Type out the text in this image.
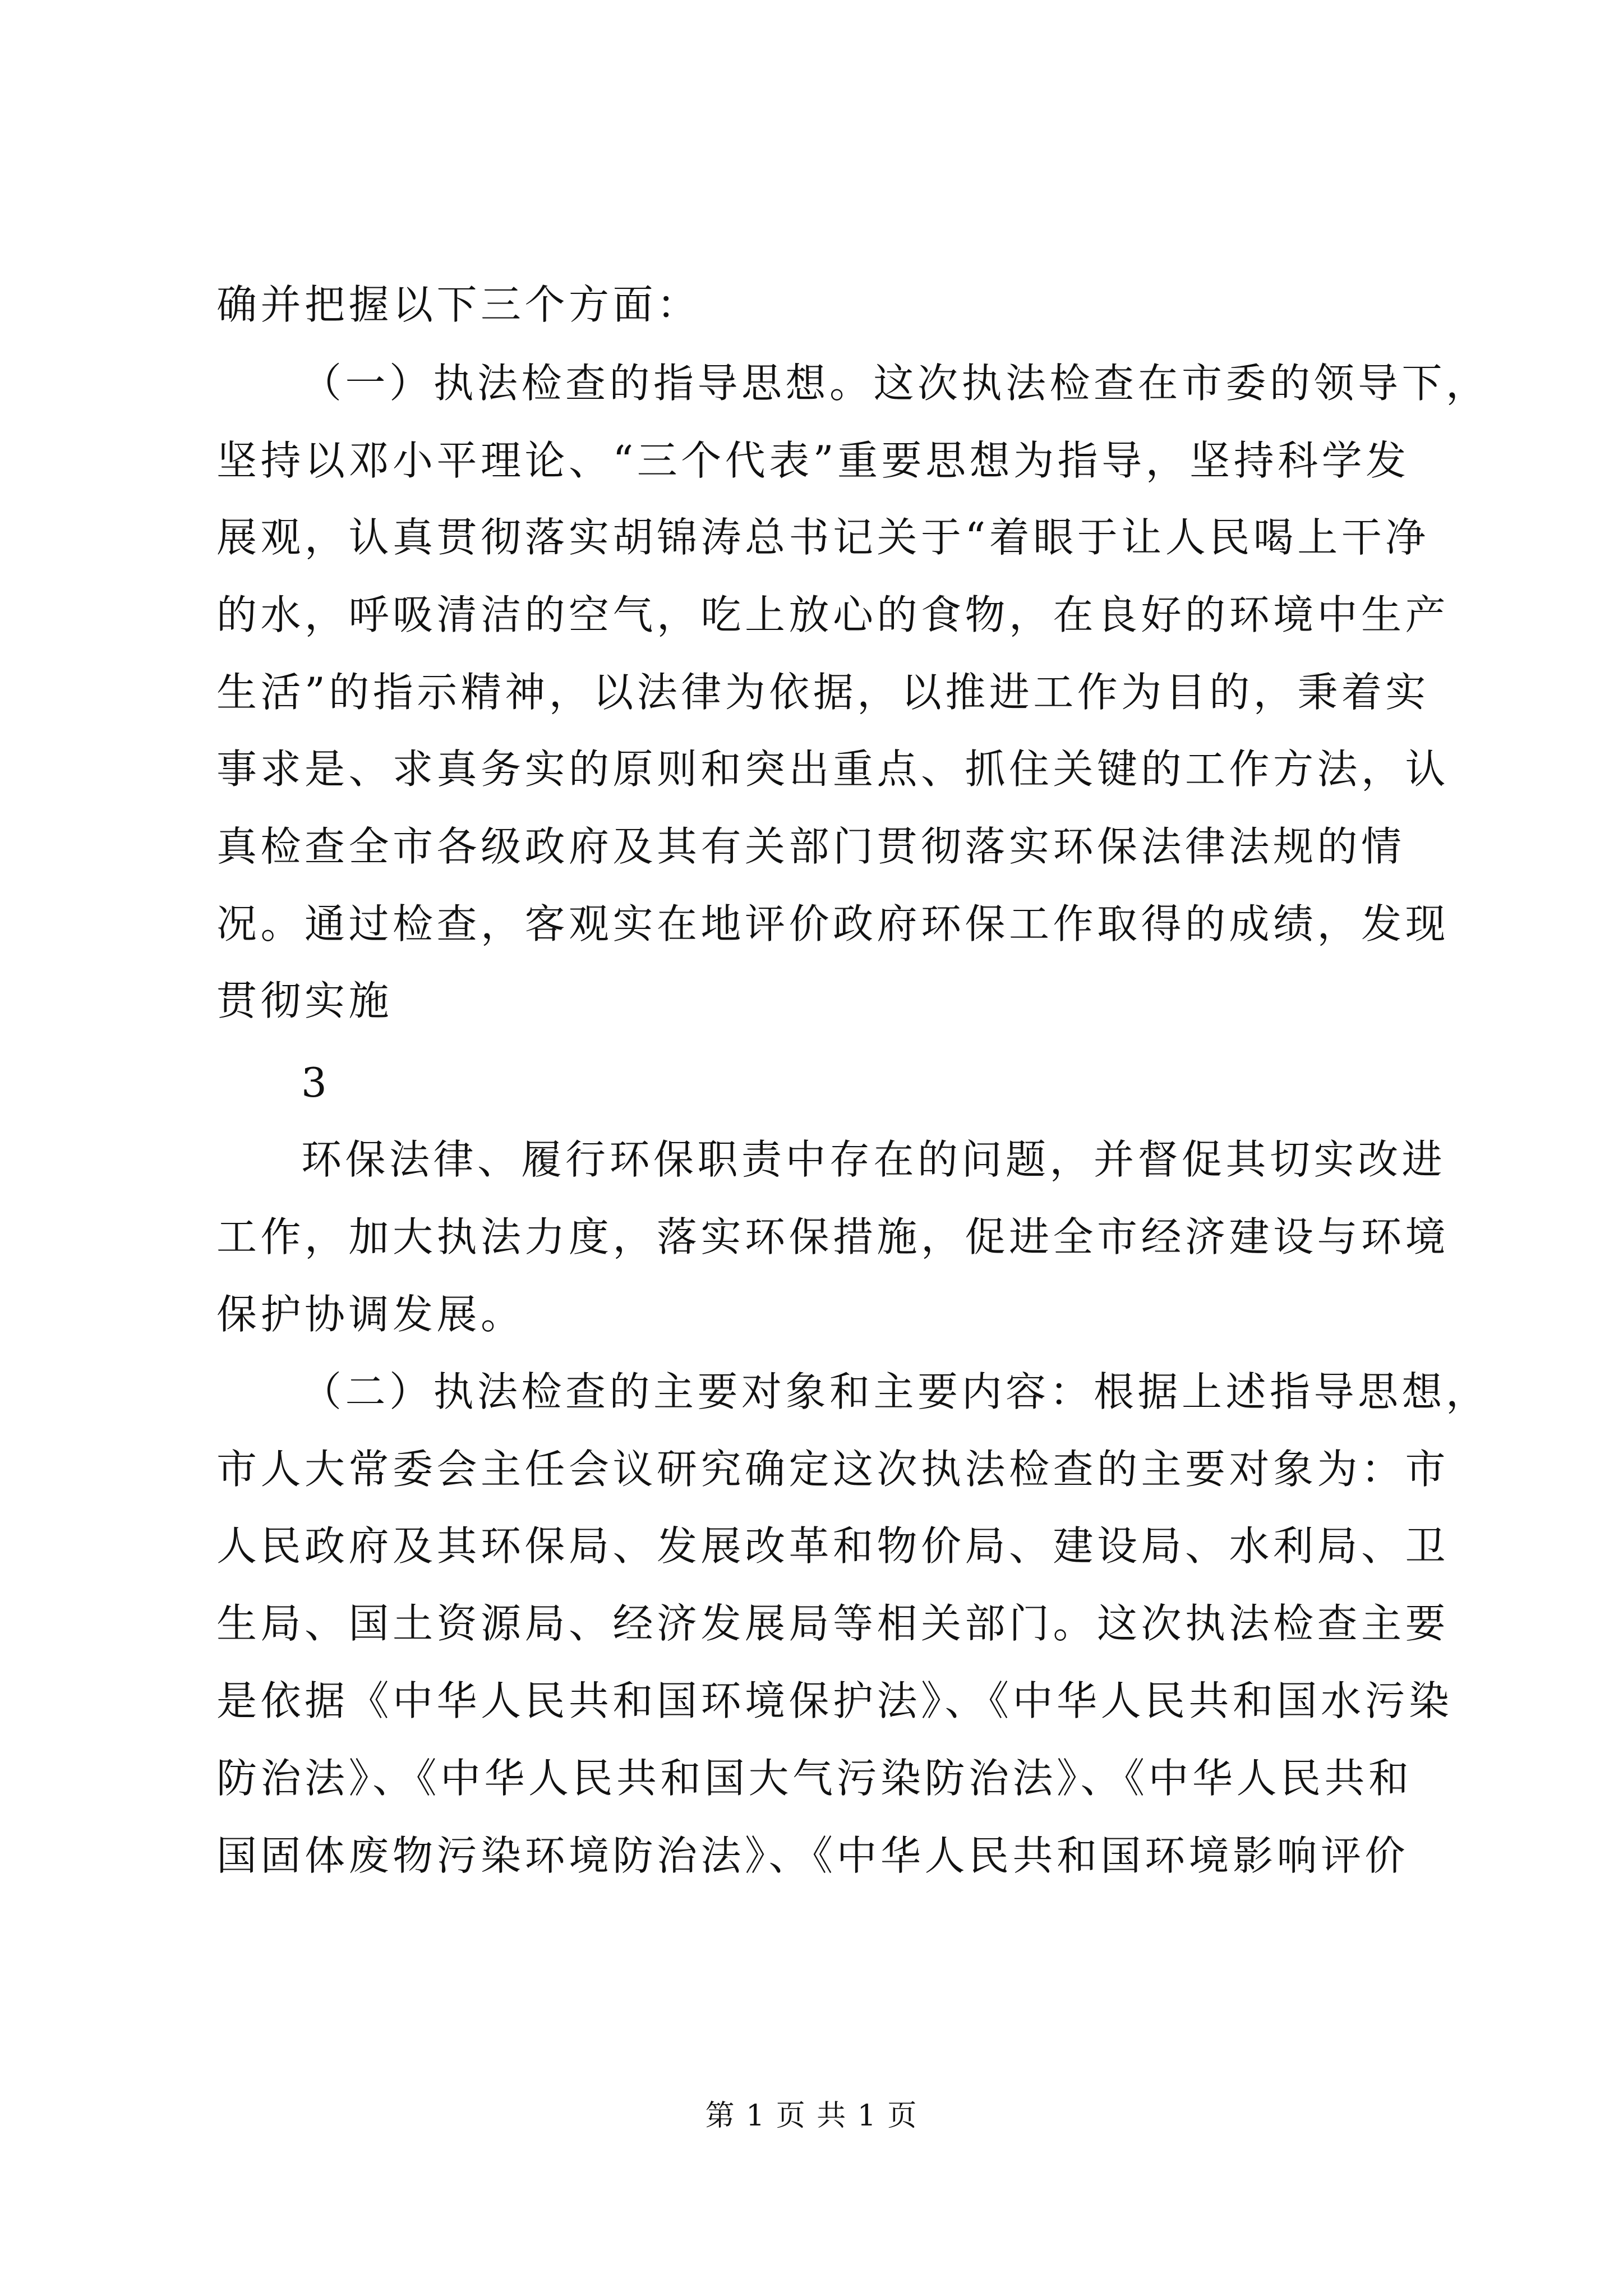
确并把握以下三个方面：
（一）执法检查的指导思想。这次执法检查在市委的领导下，
坚持以邓小平理论、“三个代表”重要思想为指导，坚持科学发
展观，认真贯彻落实胡锦涛总书记关于“着眼于让人民喝上干净
的水，呼吸清洁的空气，吃上放心的食物，在良好的环境中生产
生活”的指示精神，以法律为依据，以推进工作为目的，秉着实
事求是、求真务实的原则和突出重点、抓住关键的工作方法，认
真检查全市各级政府及其有关部门贯彻落实环保法律法规的情
况。通过检查，客观实在地评价政府环保工作取得的成绩，发现
贯彻实施
3
环保法律、履行环保职责中存在的问题，并督促其切实改进
工作，加大执法力度，落实环保措施，促进全市经济建设与环境
保护协调发展。
（二）执法检查的主要对象和主要内容：根据上述指导思想，
市人大常委会主任会议研究确定这次执法检查的主要对象为：市
人民政府及其环保局、发展改革和物价局、建设局、水利局、卫
生局、国土资源局、经济发展局等相关部门。这次执法检查主要
是依据《中华人民共和国环境保护法》、《中华人民共和国水污染
防治法》、《中华人民共和国大气污染防治法》、《中华人民共和
国固体废物污染环境防治法》、《中华人民共和国环境影响评价
第 1 页 共 1 页
